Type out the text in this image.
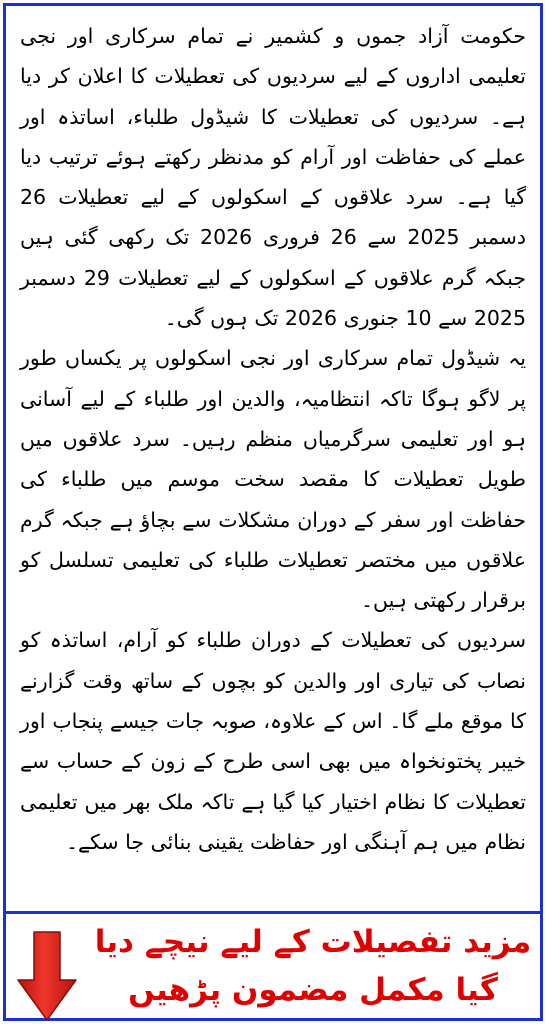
حکومت آزاد جموں و کشمیر نے تمام سرکاری اور نجی تعلیمی اداروں کے لیے سردیوں کی تعطیلات کا اعلان کر دیا ہے۔ سردیوں کی تعطیلات کا شیڈول طلباء، اساتذہ اور عملے کی حفاظت اور آرام کو مدنظر رکھتے ہوئے ترتیب دیا گیا ہے۔ سرد علاقوں کے اسکولوں کے لیے تعطیلات 26 دسمبر 2025 سے 26 فروری 2026 تک رکھی گئی ہیں جبکہ گرم علاقوں کے اسکولوں کے لیے تعطیلات 29 دسمبر 2025 سے 10 جنوری 2026 تک ہوں گی۔

یہ شیڈول تمام سرکاری اور نجی اسکولوں پر یکساں طور پر لاگو ہوگا تاکہ انتظامیہ، والدین اور طلباء کے لیے آسانی ہو اور تعلیمی سرگرمیاں منظم رہیں۔ سرد علاقوں میں طویل تعطیلات کا مقصد سخت موسم میں طلباء کی حفاظت اور سفر کے دوران مشکلات سے بچاؤ ہے جبکہ گرم علاقوں میں مختصر تعطیلات طلباء کی تعلیمی تسلسل کو برقرار رکھتی ہیں۔

سردیوں کی تعطیلات کے دوران طلباء کو آرام، اساتذہ کو نصاب کی تیاری اور والدین کو بچوں کے ساتھ وقت گزارنے کا موقع ملے گا۔ اس کے علاوہ، صوبہ جات جیسے پنجاب اور خیبر پختونخواہ میں بھی اسی طرح کے زون کے حساب سے تعطیلات کا نظام اختیار کیا گیا ہے تاکہ ملک بھر میں تعلیمی نظام میں ہم آہنگی اور حفاظت یقینی بنائی جا سکے۔

مزید تفصیلات کے لیے نیچے دیا
گیا مکمل مضمون پڑھیں
